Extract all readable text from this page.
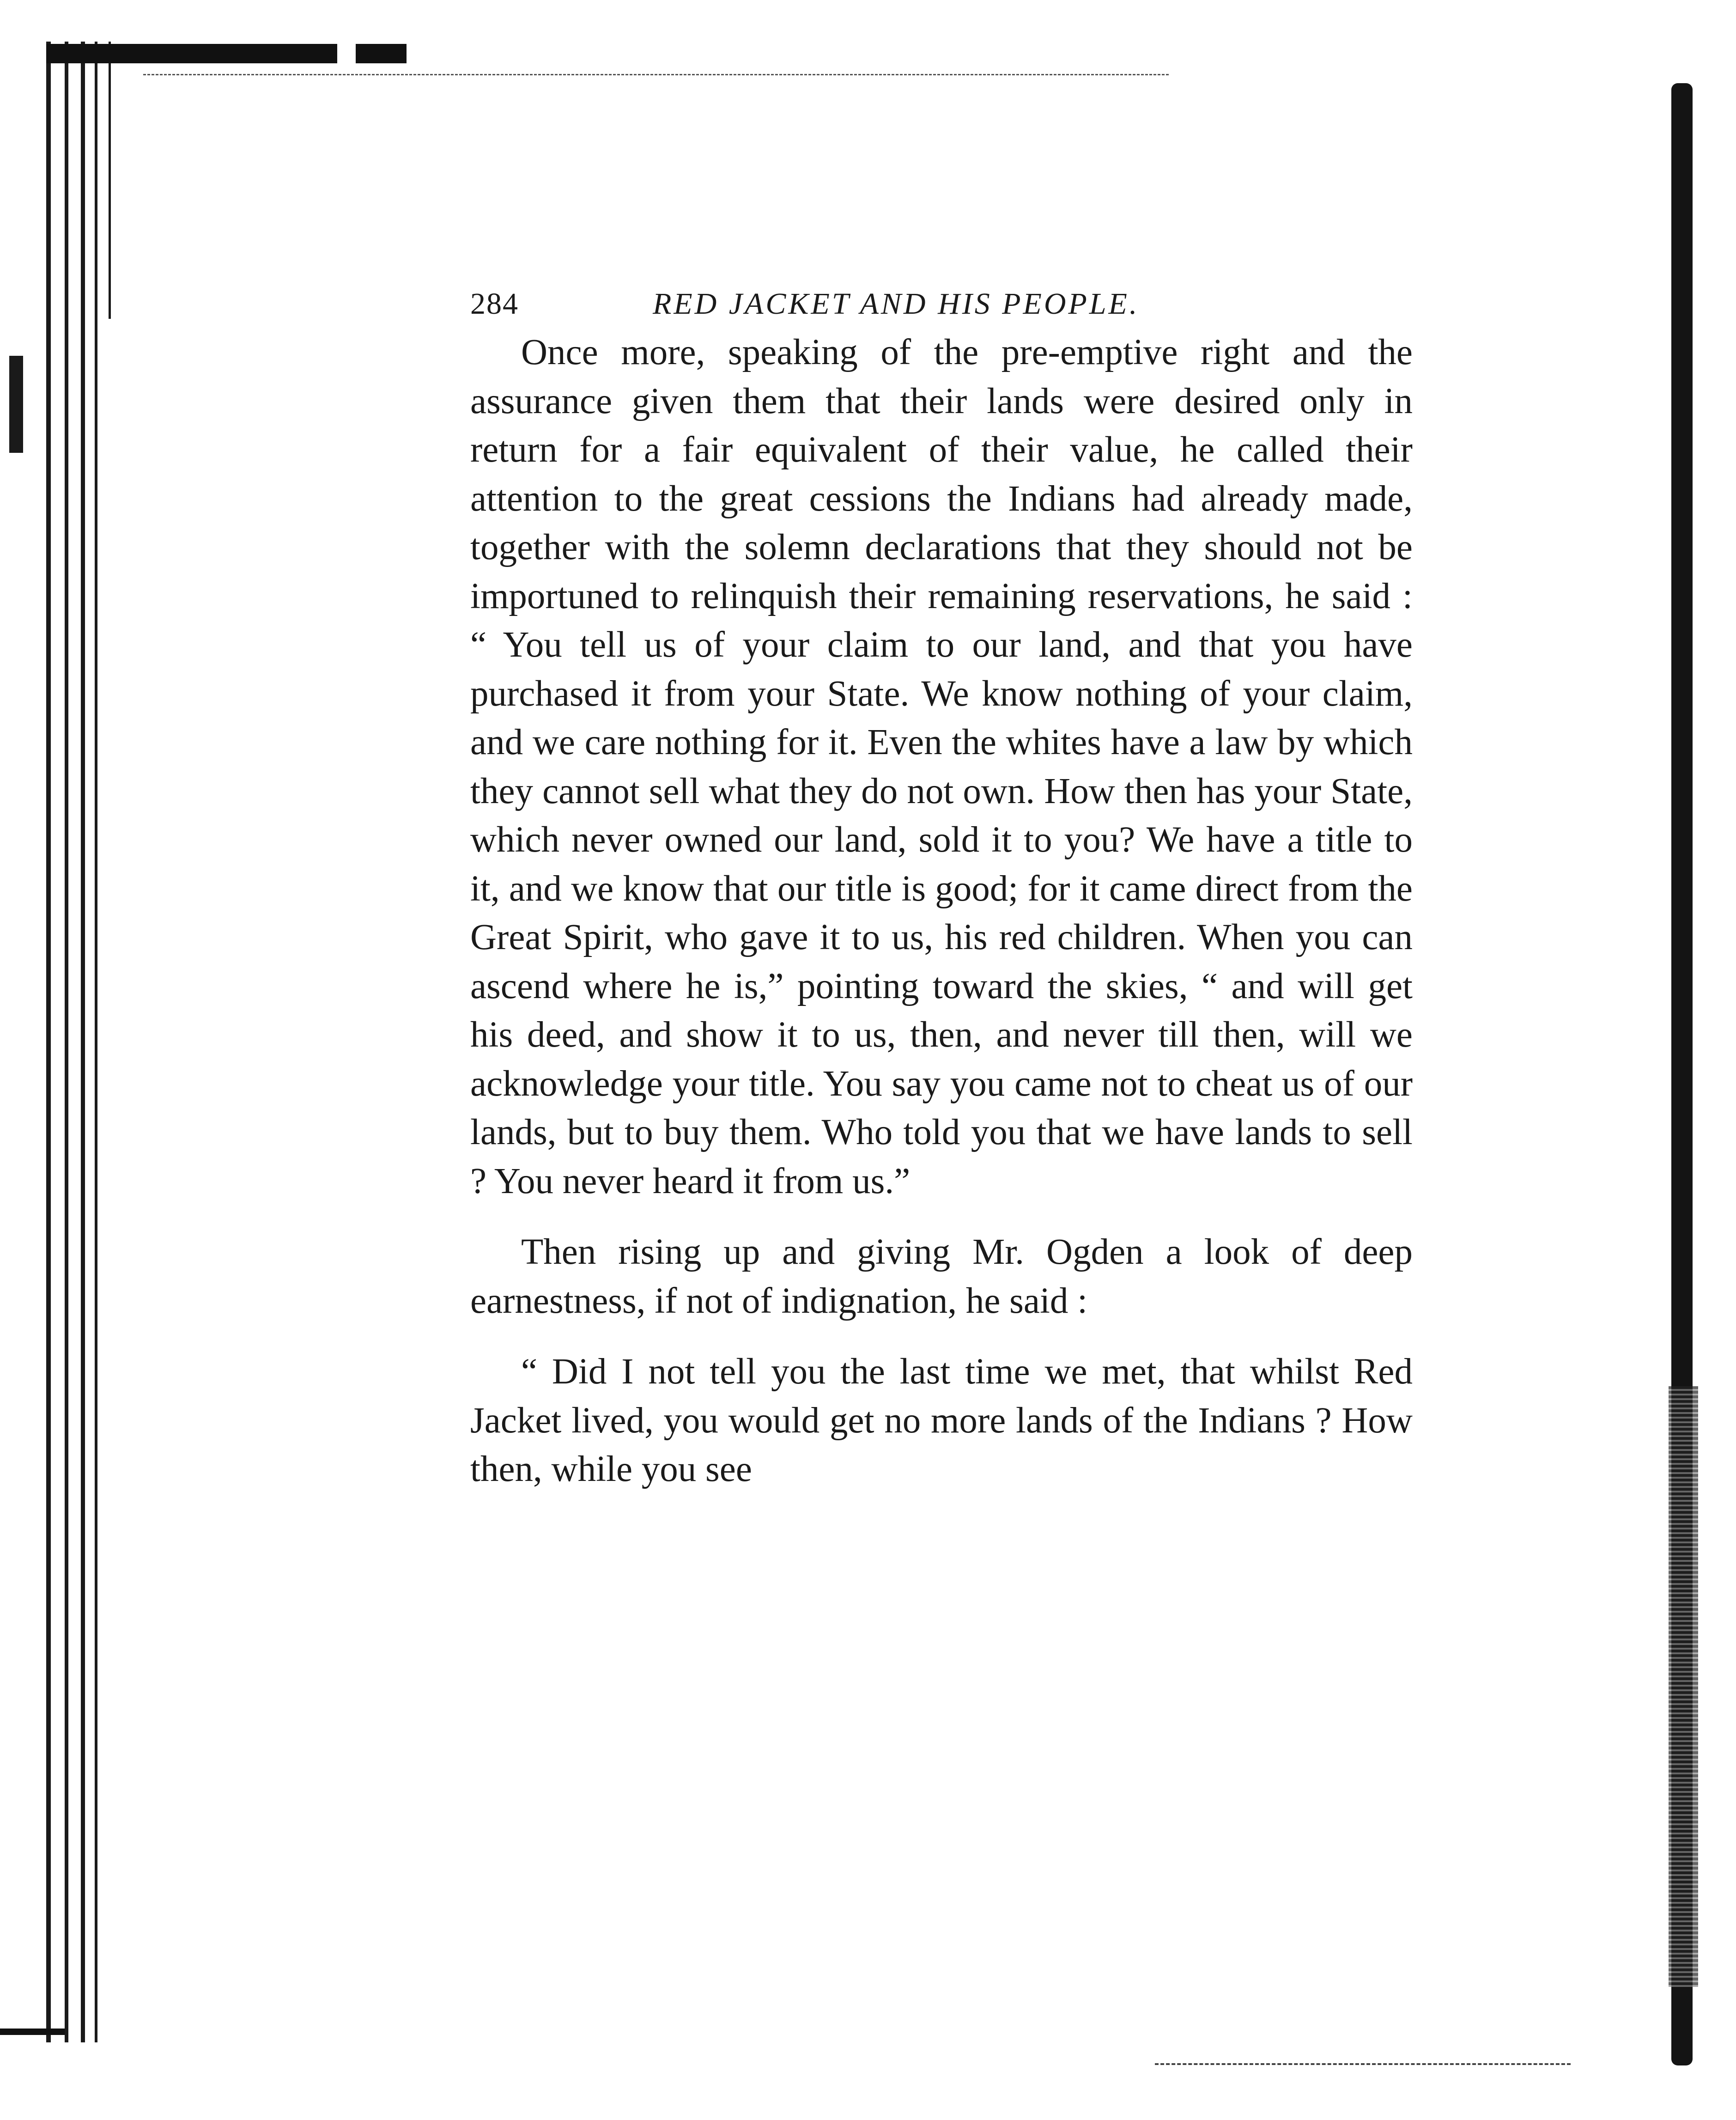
284	RED JACKET AND HIS PEOPLE.

Once more, speaking of the pre-emptive right and the assurance given them that their lands were desired only in return for a fair equivalent of their value, he called their attention to the great cessions the Indians had already made, together with the solemn declarations that they should not be importuned to relinquish their remaining reservations, he said : “ You tell us of your claim to our land, and that you have purchased it from your State. We know nothing of your claim, and we care nothing for it. Even the whites have a law by which they cannot sell what they do not own. How then has your State, which never owned our land, sold it to you? We have a title to it, and we know that our title is good; for it came direct from the Great Spirit, who gave it to us, his red children. When you can ascend where he is,” pointing toward the skies, “ and will get his deed, and show it to us, then, and never till then, will we acknowledge your title. You say you came not to cheat us of our lands, but to buy them. Who told you that we have lands to sell ? You never heard it from us.”

Then rising up and giving Mr. Ogden a look of deep earnestness, if not of indignation, he said :

“ Did I not tell you the last time we met, that whilst Red Jacket lived, you would get no more lands of the Indians ? How then, while you see
